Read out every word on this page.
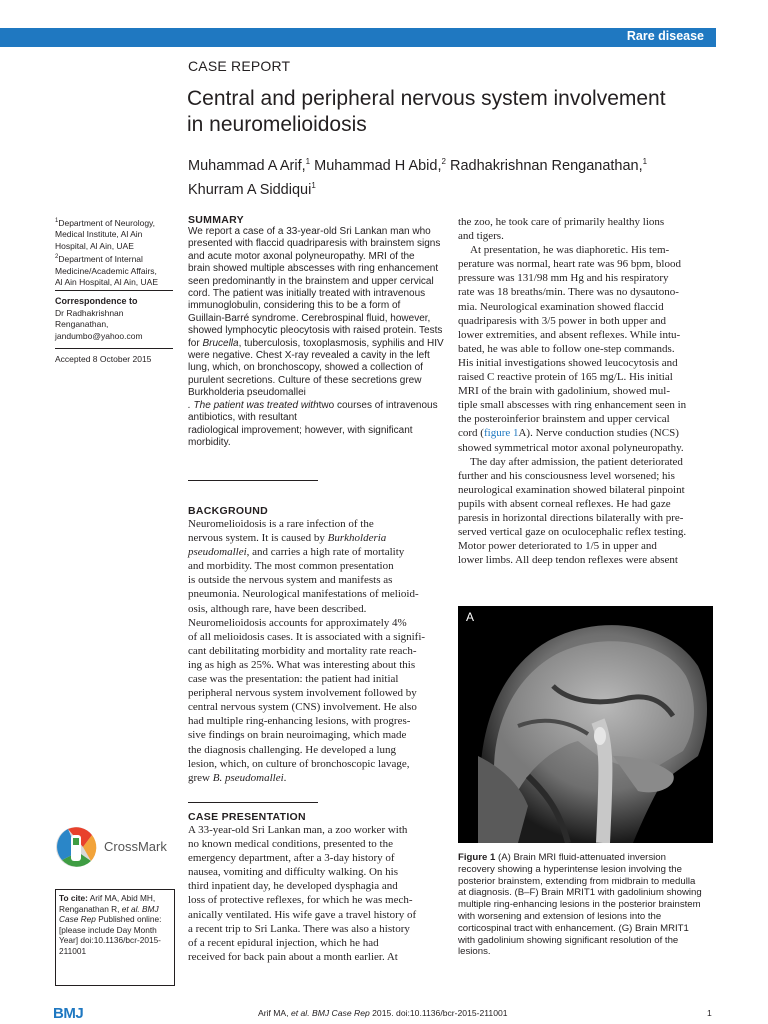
Rare disease
CASE REPORT
Central and peripheral nervous system involvement
in neuromelioidosis
Muhammad A Arif,$^1$ Muhammad H Abid,$^2$ Radhakrishnan Renganathan,$^1$
Khurram A Siddiqui$^1$
$^1$Department of Neurology,
Medical Institute, Al Ain
Hospital, Al Ain, UAE
$^2$Department of Internal
Medicine/Academic Affairs,
Al Ain Hospital, Al Ain, UAE
Correspondence to
Dr Radhakrishnan
Renganathan,
jandumbo@yahoo.com
Accepted 8 October 2015
CrossMark
To cite: Arif MA, Abid MH,
Renganathan R, et al. BMJ
Case Rep Published online:
[please include Day Month
Year] doi:10.1136/bcr-2015-
211001
SUMMARY
We report a case of a 33-year-old Sri Lankan man who
presented with flaccid quadriparesis with brainstem signs
and acute motor axonal polyneuropathy. MRI of the
brain showed multiple abscesses with ring enhancement
seen predominantly in the brainstem and upper cervical
cord. The patient was initially treated with intravenous
immunoglobulin, considering this to be a form of
Guillain-Barré syndrome. Cerebrospinal fluid, however,
showed lymphocytic pleocytosis with raised protein. Tests
for Brucella, tuberculosis, toxoplasmosis, syphilis and HIV
were negative. Chest X-ray revealed a cavity in the left
lung, which, on bronchoscopy, showed a collection of
purulent secretions. Culture of these secretions grew
Burkholderia pseudomallei
. The patient was treated withtwo courses of intravenous antibiotics, with resultant
radiological improvement; however, with significant
morbidity.
BACKGROUND
Neuromelioidosis is a rare infection of the
nervous system. It is caused by Burkholderia
pseudomallei, and carries a high rate of mortality
and morbidity. The most common presentation
is outside the nervous system and manifests as
pneumonia. Neurological manifestations of melioid-
osis, although rare, have been described.
Neuromelioidosis accounts for approximately 4%
of all melioidosis cases. It is associated with a signifi-
cant debilitating morbidity and mortality rate reach-
ing as high as 25%. What was interesting about this
case was the presentation: the patient had initial
peripheral nervous system involvement followed by
central nervous system (CNS) involvement. He also
had multiple ring-enhancing lesions, with progres-
sive findings on brain neuroimaging, which made
the diagnosis challenging. He developed a lung
lesion, which, on culture of bronchoscopic lavage,
grew B. pseudomallei.
CASE PRESENTATION
A 33-year-old Sri Lankan man, a zoo worker with
no known medical conditions, presented to the
emergency department, after a 3-day history of
nausea, vomiting and difficulty walking. On his
third inpatient day, he developed dysphagia and
loss of protective reflexes, for which he was mech-
anically ventilated. His wife gave a travel history of
a recent trip to Sri Lanka. There was also a history
of a recent epidural injection, which he had
received for back pain about a month earlier. At
the zoo, he took care of primarily healthy lions
and tigers.
At presentation, he was diaphoretic. His tem-
perature was normal, heart rate was 96 bpm, blood
pressure was 131/98 mm Hg and his respiratory
rate was 18 breaths/min. There was no dysautono-
mia. Neurological examination showed flaccid
quadriparesis with 3/5 power in both upper and
lower extremities, and absent reflexes. While intu-
bated, he was able to follow one-step commands.
His initial investigations showed leucocytosis and
raised C reactive protein of 165 mg/L. His initial
MRI of the brain with gadolinium, showed mul-
tiple small abscesses with ring enhancement seen in
the posteroinferior brainstem and upper cervical
cord (figure 1A). Nerve conduction studies (NCS)
showed symmetrical motor axonal polyneuropathy.
The day after admission, the patient deteriorated
further and his consciousness level worsened; his
neurological examination showed bilateral pinpoint
pupils with absent corneal reflexes. He had gaze
paresis in horizontal directions bilaterally with pre-
served vertical gaze on oculocephalic reflex testing.
Motor power deteriorated to 1/5 in upper and
lower limbs. All deep tendon reflexes were absent
A
Figure 1 (A) Brain MRI fluid-attenuated inversion
recovery showing a hyperintense lesion involving the
posterior brainstem, extending from midbrain to medulla
at diagnosis. (B–F) Brain MRIT1 with gadolinium showing
multiple ring-enhancing lesions in the posterior brainstem
with worsening and extension of lesions into the
corticospinal tract with enhancement. (G) Brain MRIT1
with gadolinium showing significant resolution of the
lesions.
BMJ	Arif MA, et al. BMJ Case Rep 2015. doi:10.1136/bcr-2015-211001	1
